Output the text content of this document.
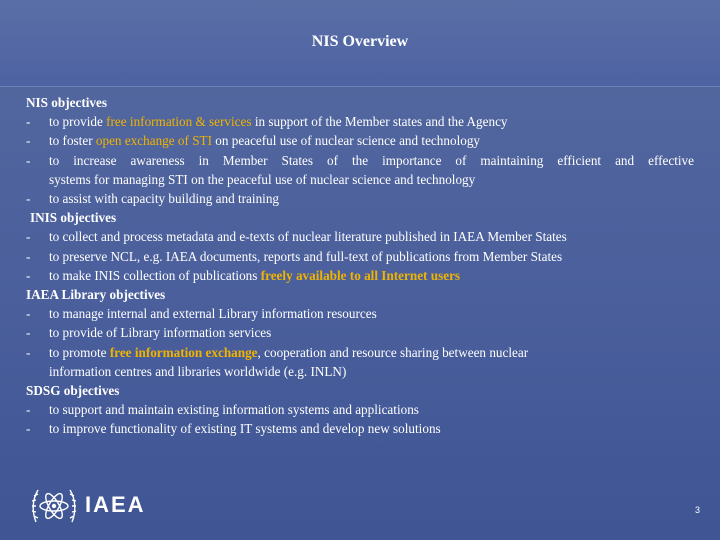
NIS Overview
NIS objectives
-	to provide free information & services in support of the Member states and the Agency
-	to foster open exchange of STI on peaceful use of nuclear science and technology
-	to increase awareness in Member States of the importance of maintaining efficient and effective
systems for managing STI on the peaceful use of nuclear science and technology
-	to assist with capacity building and training
INIS objectives
-	to collect and process metadata and e-texts of nuclear literature published in IAEA Member States
-	to preserve NCL, e.g. IAEA documents, reports and full-text of publications from Member States
-	to make INIS collection of publications freely available to all Internet users
IAEA Library objectives
-	to manage internal and external Library information resources
-	to provide of Library information services
-	to promote free information exchange, cooperation and resource sharing between nuclear
information centres and libraries worldwide (e.g. INLN)
SDSG objectives
-	to support and maintain existing information systems and applications
-	to improve functionality of existing IT systems and develop new solutions
IAEA	3
